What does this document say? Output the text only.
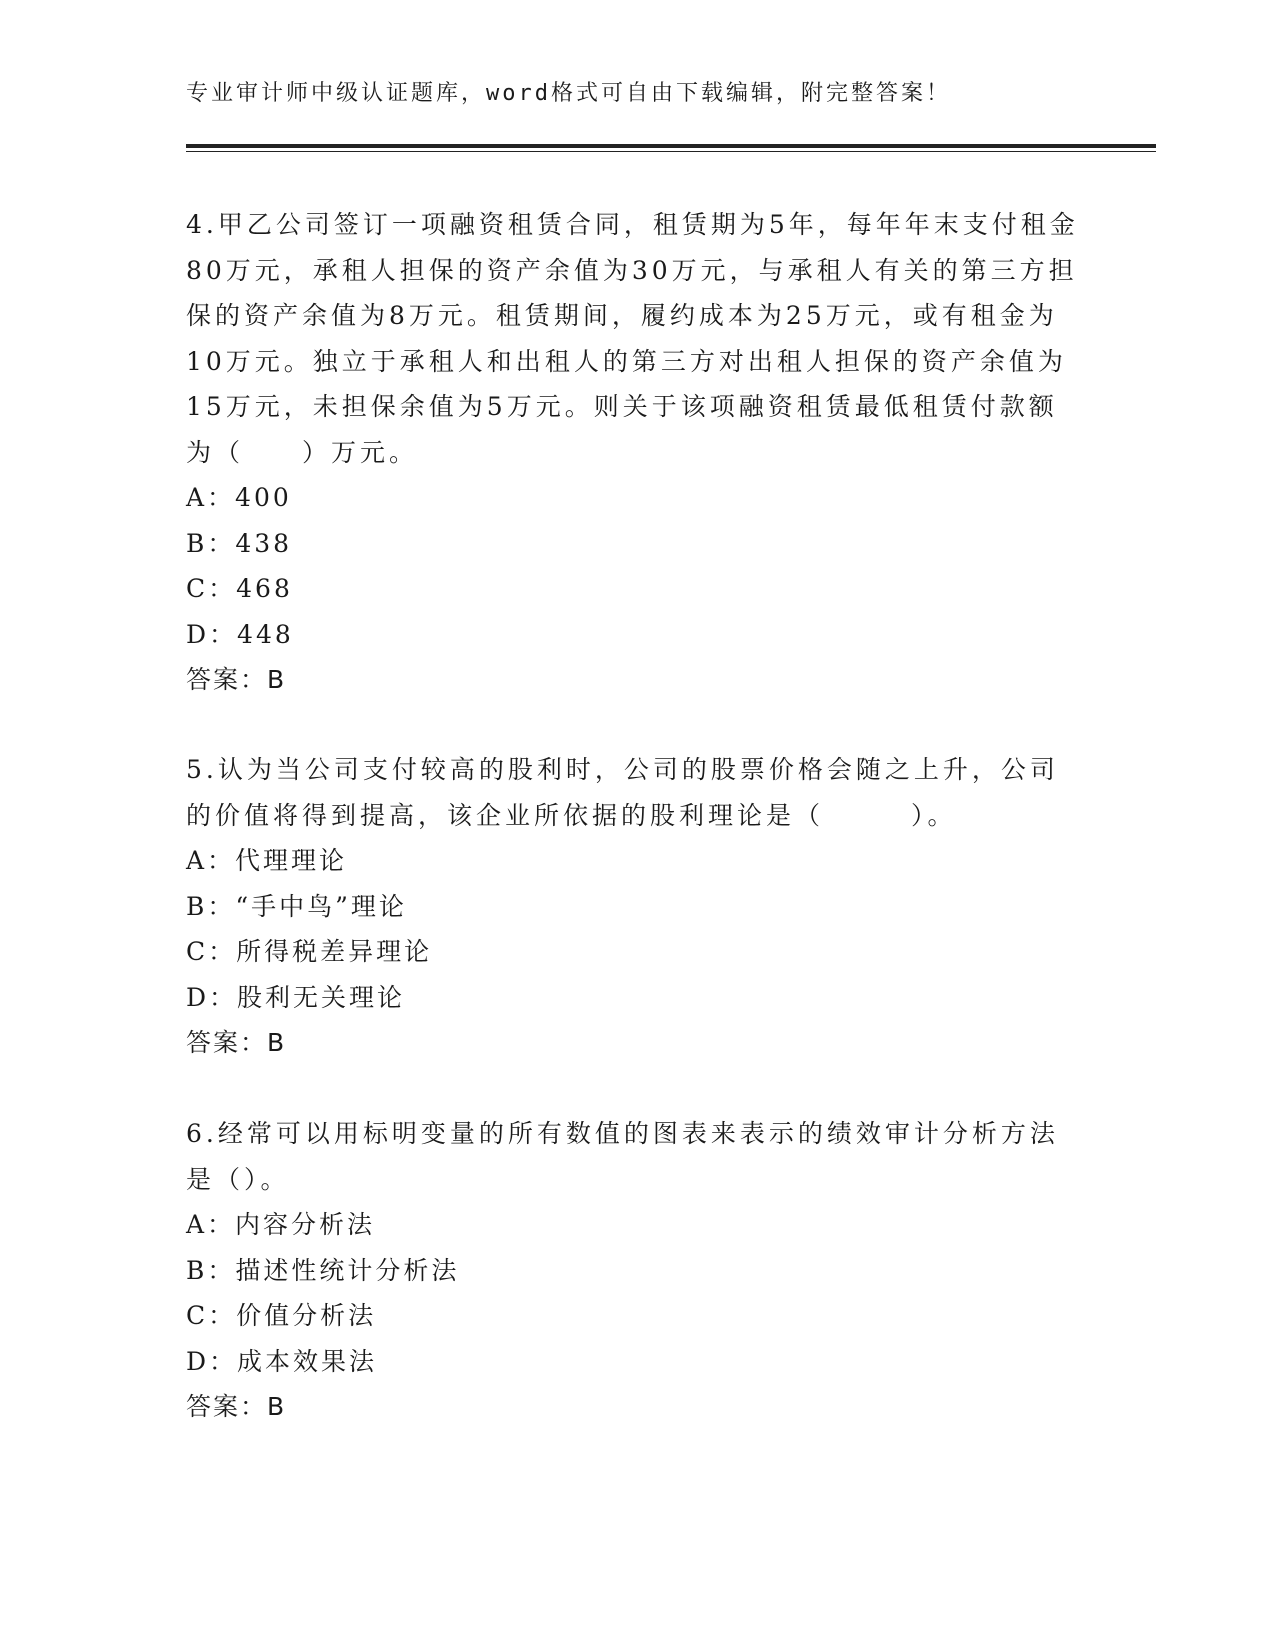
专业审计师中级认证题库，word格式可自由下载编辑，附完整答案！

4.甲乙公司签订一项融资租赁合同，租赁期为5年，每年年末支付租金80万元，承租人担保的资产余值为30万元，与承租人有关的第三方担保的资产余值为8万元。租赁期间，履约成本为25万元，或有租金为10万元。独立于承租人和出租人的第三方对出租人担保的资产余值为15万元，未担保余值为5万元。则关于该项融资租赁最低租赁付款额为（　　）万元。

A：400

B：438

C：468

D：448

答案：B

5.认为当公司支付较高的股利时，公司的股票价格会随之上升，公司的价值将得到提高，该企业所依据的股利理论是（　　　）。

A：代理理论

B：“手中鸟”理论

C：所得税差异理论

D：股利无关理论

答案：B

6.经常可以用标明变量的所有数值的图表来表示的绩效审计分析方法是（）。

A：内容分析法

B：描述性统计分析法

C：价值分析法

D：成本效果法

答案：B
